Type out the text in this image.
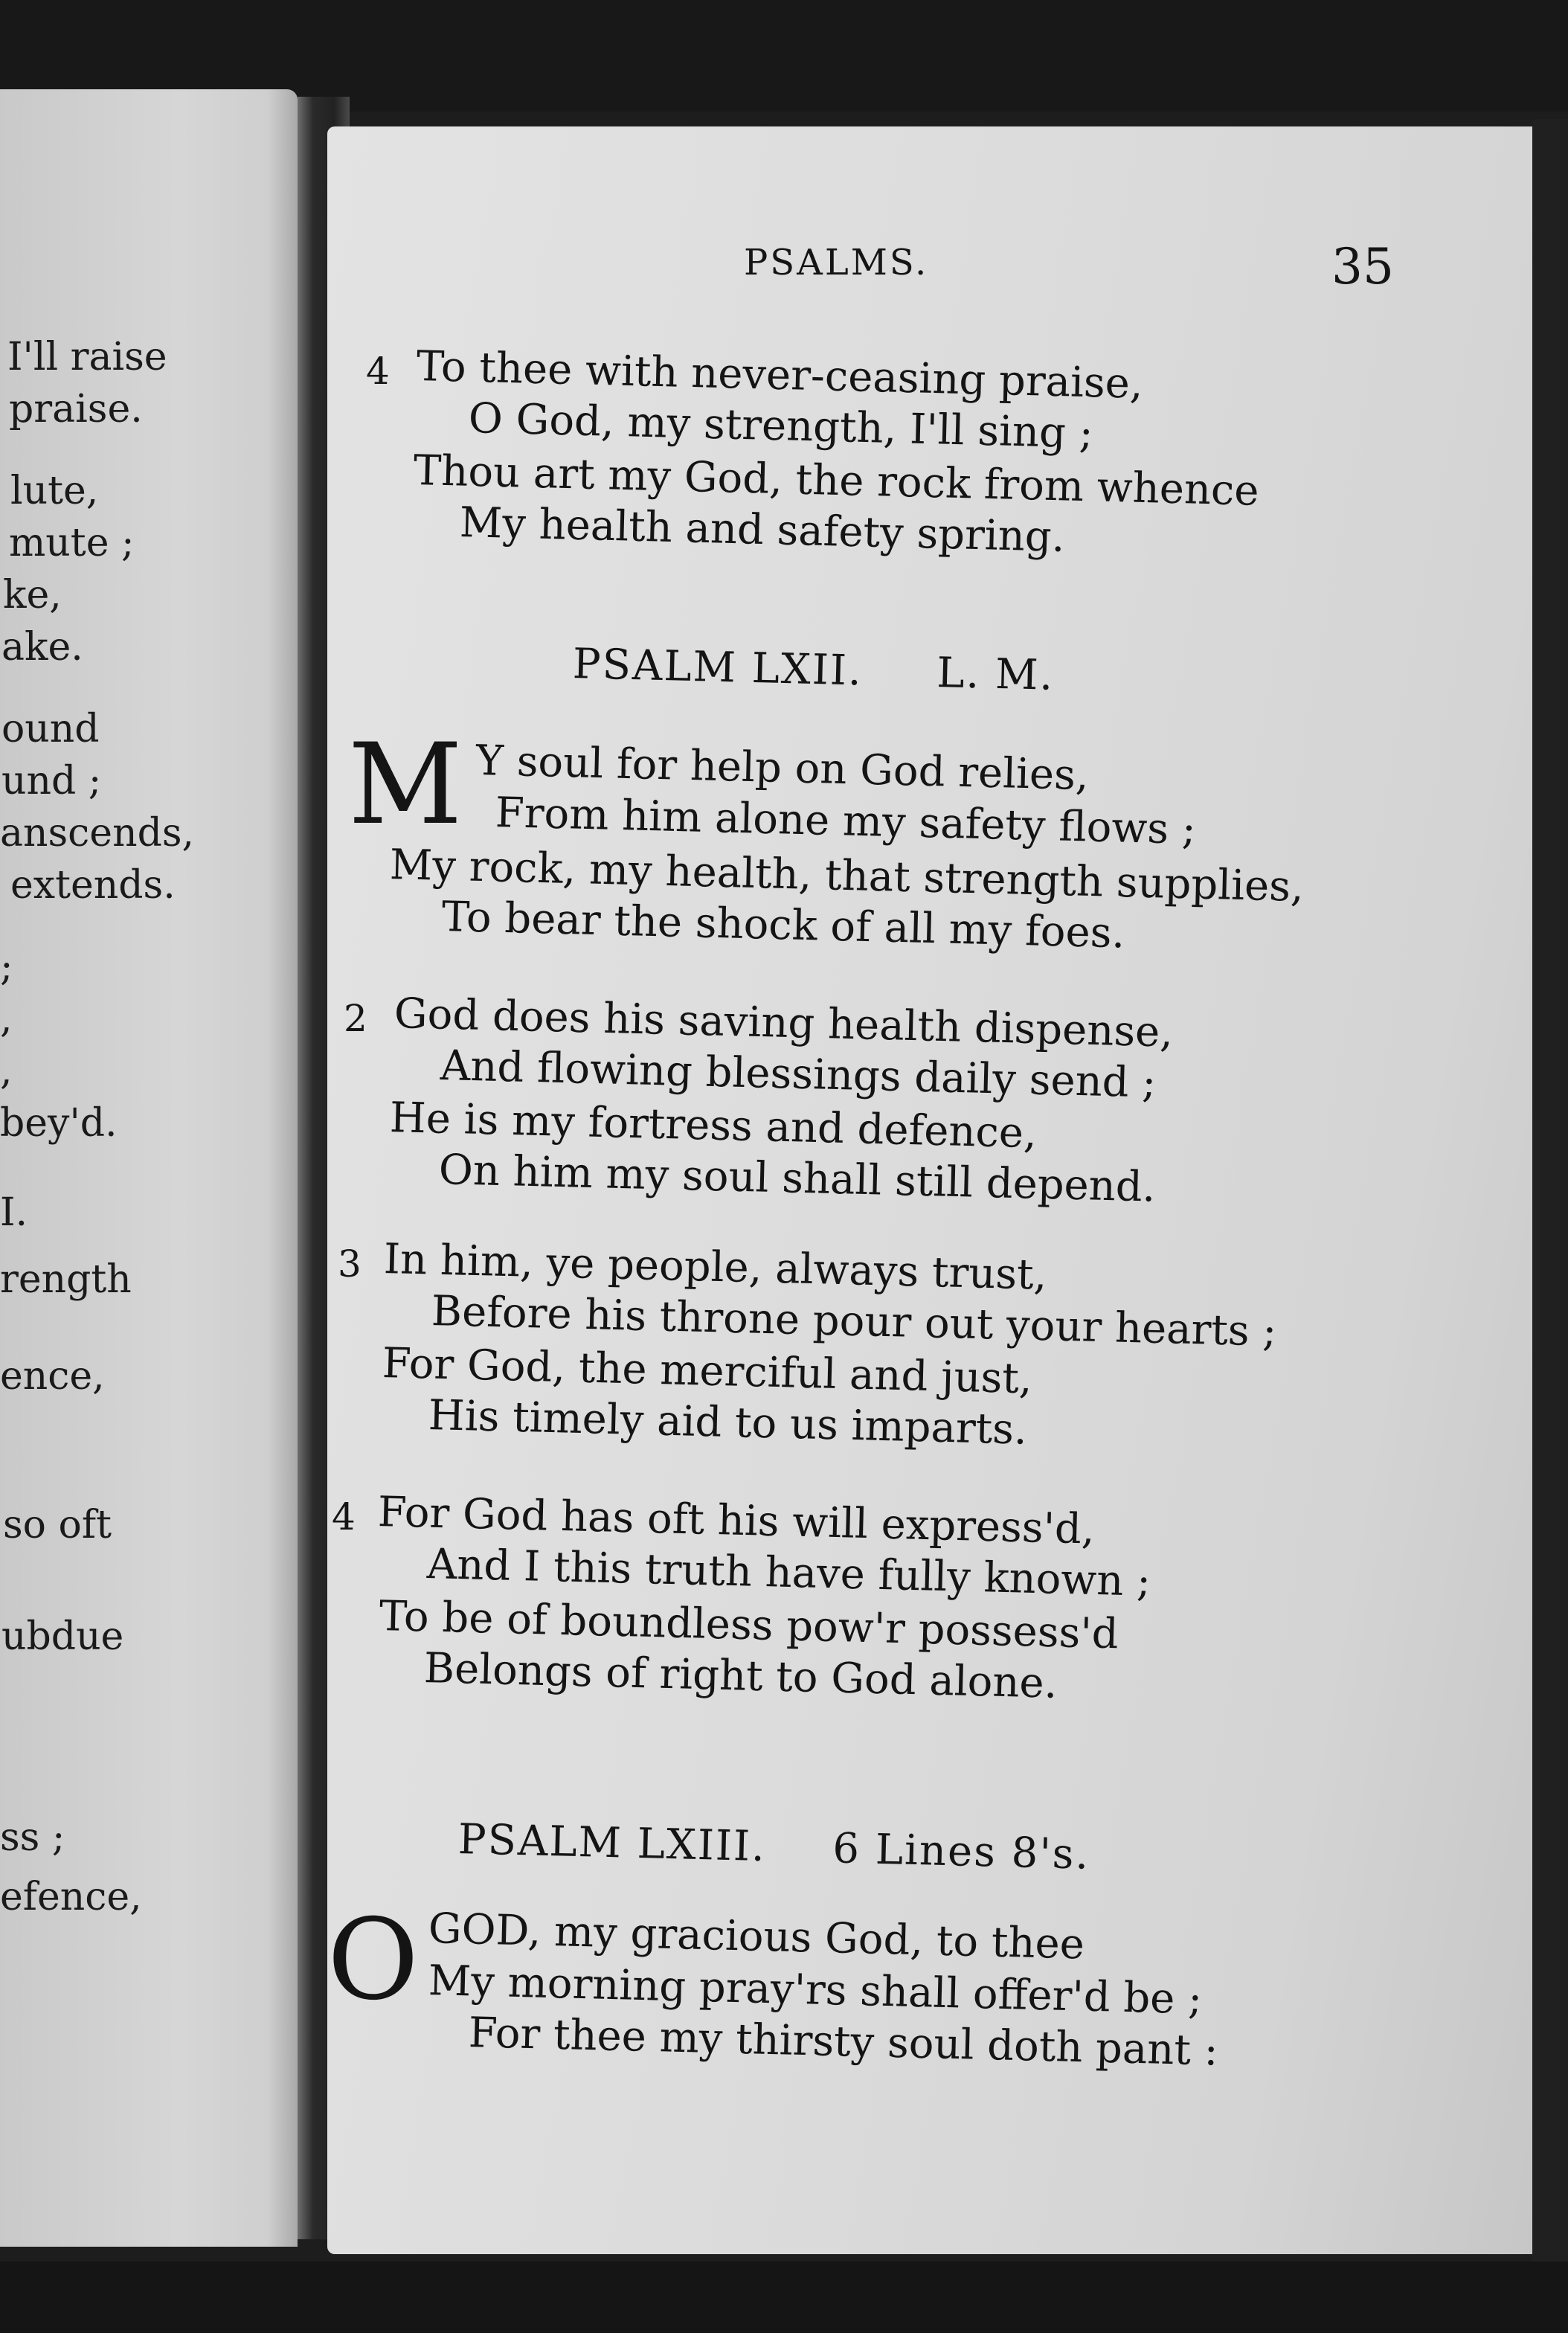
I'll raise
praise.
lute,
mute ;
ke,
ake.
ound
und ;
anscends,
extends.
;
,
,
bey'd.
I.
rength
ence,
so oft
ubdue
ss ;
efence,
PSALMS.	35
4 To thee with never-ceasing praise,
O God, my strength, I'll sing ;
Thou art my God, the rock from whence
My health and safety spring.
PSALM LXII. L. M.
M Y soul for help on God relies,
From him alone my safety flows ;
My rock, my health, that strength supplies,
To bear the shock of all my foes.
2 God does his saving health dispense,
And flowing blessings daily send ;
He is my fortress and defence,
On him my soul shall still depend.
3 In him, ye people, always trust,
Before his throne pour out your hearts ;
For God, the merciful and just,
His timely aid to us imparts.
4 For God has oft his will express'd,
And I this truth have fully known ;
To be of boundless pow'r possess'd
Belongs of right to God alone.
PSALM LXIII. 6 Lines 8's.
O GOD, my gracious God, to thee
My morning pray'rs shall offer'd be ;
For thee my thirsty soul doth pant :
